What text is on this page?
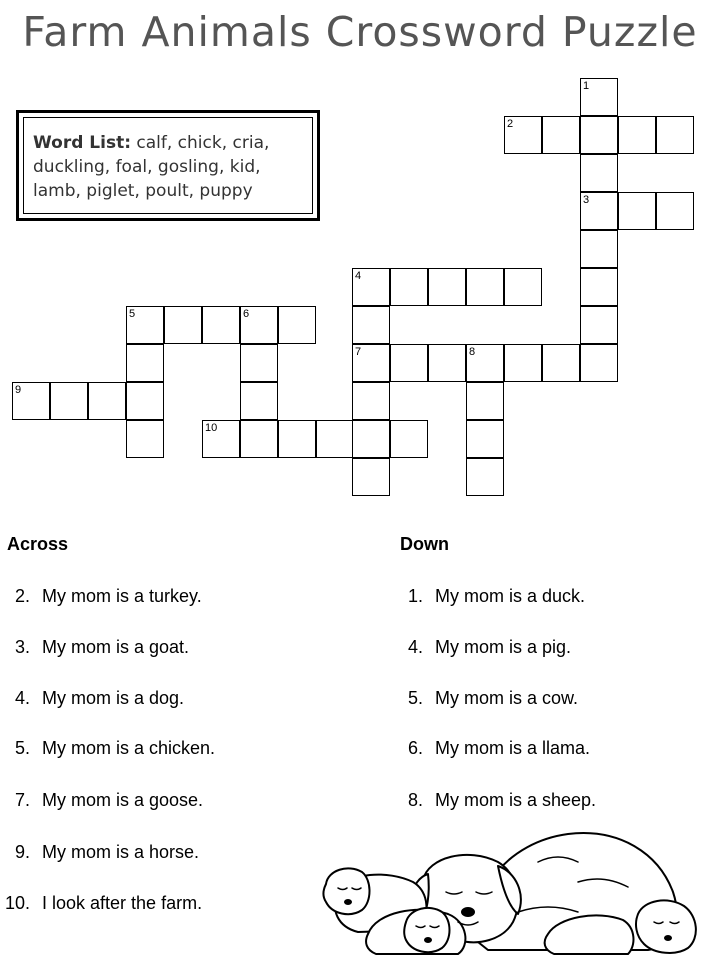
Farm Animals Crossword Puzzle
Word List: calf, chick, cria, duckling, foal, gosling, kid, lamb, piglet, poult, puppy
1
2
3
4
7	8
5	6
9
10
Across	Down
2. My mom is a turkey.
3. My mom is a goat.
4. My mom is a dog.
5. My mom is a chicken.
7. My mom is a goose.
9. My mom is a horse.
10. I look after the farm.
1. My mom is a duck.
4. My mom is a pig.
5. My mom is a cow.
6. My mom is a llama.
8. My mom is a sheep.
